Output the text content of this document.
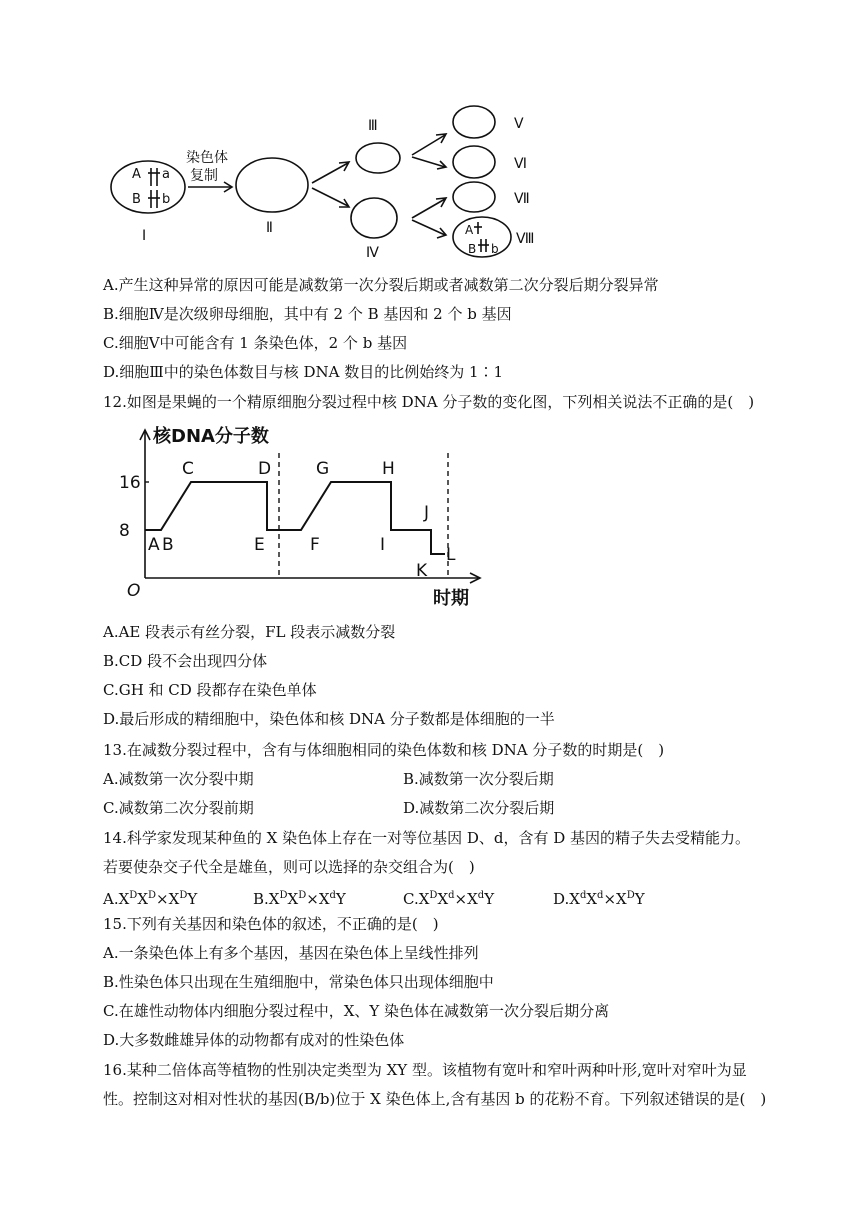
A a
B b
A
B b
染色体
复制
I	Ⅱ
Ⅲ
Ⅳ
V
Ⅵ
Ⅶ
Ⅷ
A.产生这种异常的原因可能是减数第一次分裂后期或者减数第二次分裂后期分裂异常
B.细胞Ⅳ是次级卵母细胞，其中有 2 个 B 基因和 2 个 b 基因
C.细胞Ⅴ中可能含有 1 条染色体，2 个 b 基因
D.细胞Ⅲ中的染色体数目与核 DNA 数目的比例始终为 1∶1
12.如图是果蝇的一个精原细胞分裂过程中核 DNA 分子数的变化图，下列相关说法不正确的是(　)
8
16
A B
C	D
E	F
G	H
I
J
K
L
核DNA分子数
时期
O
A.AE 段表示有丝分裂，FL 段表示减数分裂
B.CD 段不会出现四分体
C.GH 和 CD 段都存在染色单体
D.最后形成的精细胞中，染色体和核 DNA 分子数都是体细胞的一半
13.在减数分裂过程中，含有与体细胞相同的染色体数和核 DNA 分子数的时期是(　)
A.减数第一次分裂中期	B.减数第一次分裂后期
C.减数第二次分裂前期	D.减数第二次分裂后期
14.科学家发现某种鱼的 X 染色体上存在一对等位基因 D、d，含有 D 基因的精子失去受精能力。
若要使杂交子代全是雄鱼，则可以选择的杂交组合为(　)
$A.X^DX^D\times X^DY$	$B.X^DX^D\times X^dY$	$C.X^DX^d\times X^dY$	$D.X^dX^d\times X^DY$
15.下列有关基因和染色体的叙述，不正确的是(　)
A.一条染色体上有多个基因，基因在染色体上呈线性排列
B.性染色体只出现在生殖细胞中，常染色体只出现体细胞中
C.在雄性动物体内细胞分裂过程中，X、Y 染色体在减数第一次分裂后期分离
D.大多数雌雄异体的动物都有成对的性染色体
16.某种二倍体高等植物的性别决定类型为 XY 型。该植物有宽叶和窄叶两种叶形,宽叶对窄叶为显
性。控制这对相对性状的基因(B/b)位于 X 染色体上,含有基因 b 的花粉不育。下列叙述错误的是(　)
